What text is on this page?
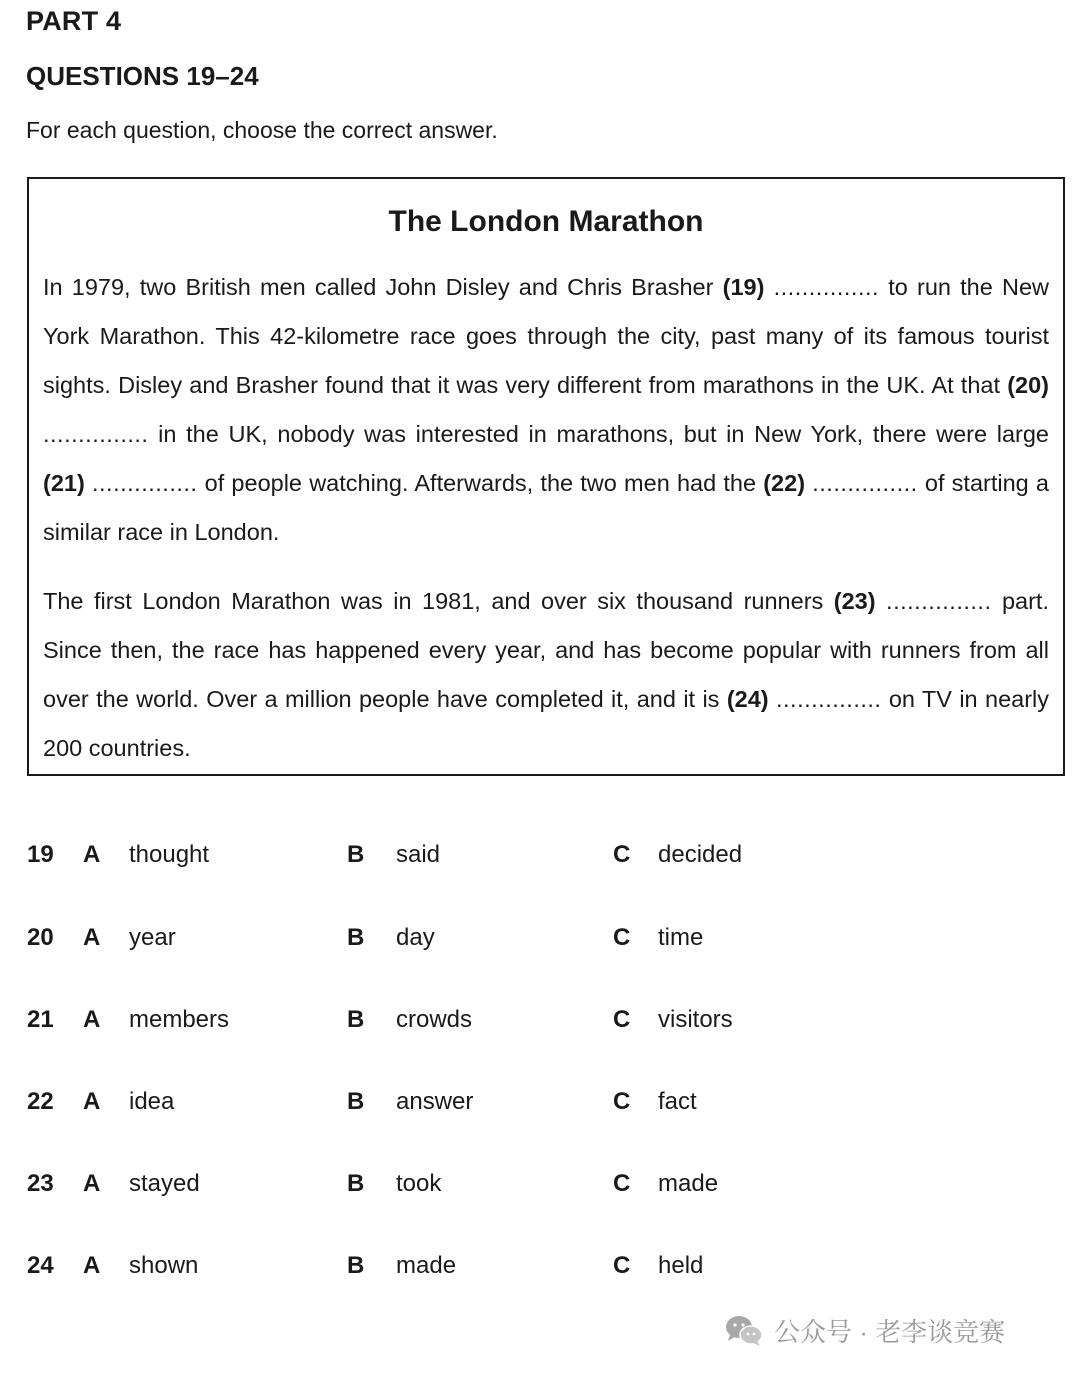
PART 4
QUESTIONS 19–24
For each question, choose the correct answer.
The London Marathon

In 1979, two British men called John Disley and Chris Brasher (19) ............... to run the New York Marathon. This 42-kilometre race goes through the city, past many of its famous tourist sights. Disley and Brasher found that it was very different from marathons in the UK. At that (20) ............... in the UK, nobody was interested in marathons, but in New York, there were large (21) ............... of people watching. Afterwards, the two men had the (22) ............... of starting a similar race in London.

The first London Marathon was in 1981, and over six thousand runners (23) ............... part. Since then, the race has happened every year, and has become popular with runners from all over the world. Over a million people have completed it, and it is (24) ............... on TV in nearly 200 countries.

19 A thought	B said	C decided
20 A year	B day	C time
21 A members	B crowds	C visitors
22 A idea	B answer	C fact
23 A stayed	B took	C made
24 A shown	B made	C held
公众号 · 老李谈竞赛
